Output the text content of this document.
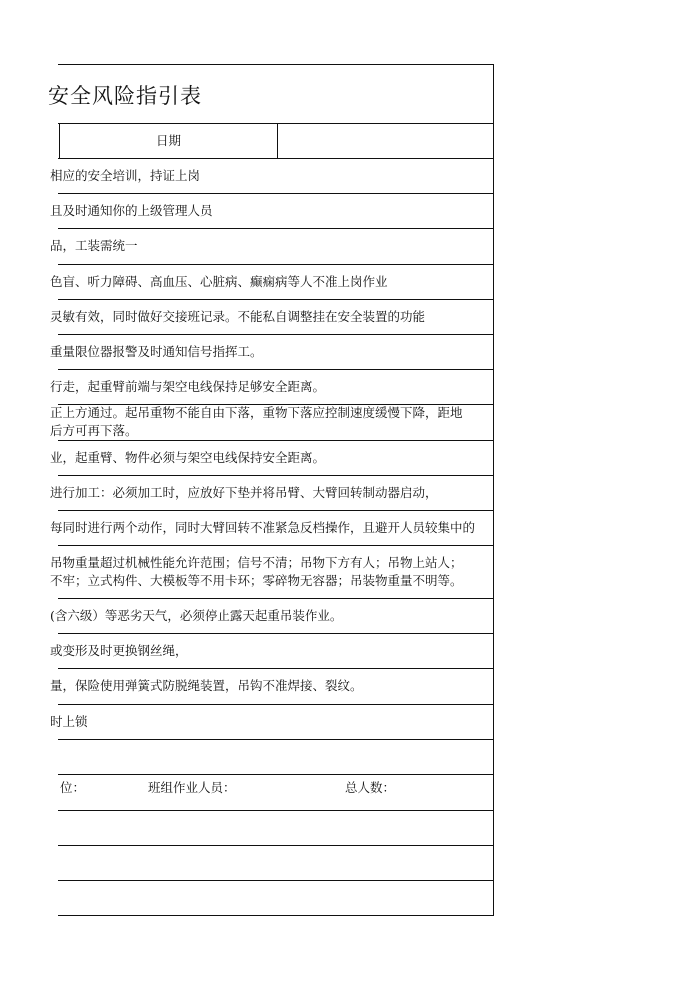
安全风险指引表
日期
相应的安全培训，持证上岗
且及时通知你的上级管理人员
品，工装需统一
色盲、听力障碍、高血压、心脏病、癫痫病等人不准上岗作业
灵敏有效，同时做好交接班记录。不能私自调整挂在安全装置的功能
重量限位器报警及时通知信号指挥工。
行走，起重臂前端与架空电线保持足够安全距离。
正上方通过。起吊重物不能自由下落，重物下落应控制速度缓慢下降，距地
后方可再下落。
业，起重臂、物件必须与架空电线保持安全距离。
进行加工：必须加工时，应放好下垫并将吊臂、大臂回转制动器启动，
每同时进行两个动作，同时大臂回转不准紧急反档操作，且避开人员较集中的
吊物重量超过机械性能允许范围；信号不清；吊物下方有人；吊物上站人；
不牢；立式构件、大模板等不用卡环；零碎物无容器；吊装物重量不明等。
(含六级）等恶劣天气，必须停止露天起重吊装作业。
或变形及时更换钢丝绳，
量，保险使用弹簧式防脱绳装置，吊钩不准焊接、裂纹。
时上锁
位：	班组作业人员：	总人数：
